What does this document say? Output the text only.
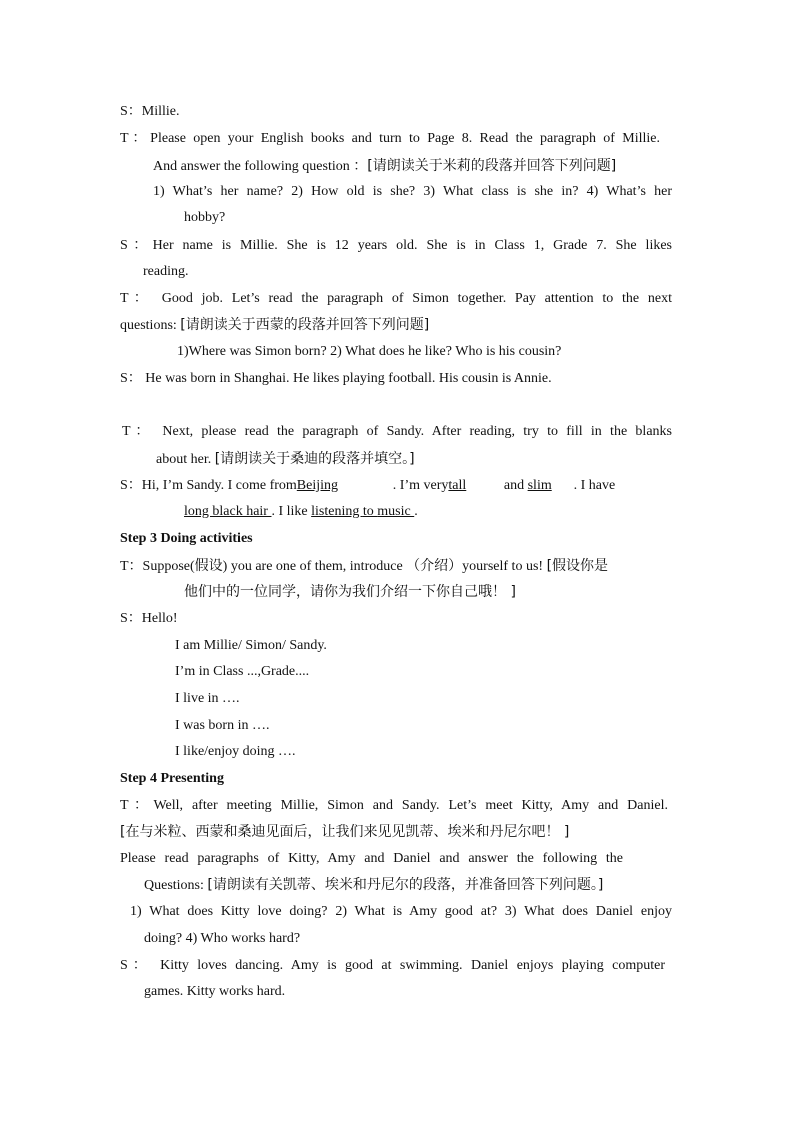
S：Millie.
T：Please open your English books and turn to Page 8. Read the paragraph of Millie.
And answer the following question ：[请朗读关于米莉的段落并回答下列问题]
1) What’s her name? 2) How old is she? 3) What class is she in? 4) What’s her
hobby?
S：Her name is Millie. She is 12 years old. She is in Class 1, Grade 7. She likes
reading.
T： Good job. Let’s read the paragraph of Simon together. Pay attention to the next
questions: [请朗读关于西蒙的段落并回答下列问题]
1)Where was Simon born? 2) What does he like? Who is his cousin?
S： He was born in Shanghai. He likes playing football. His cousin is Annie.
T： Next, please read the paragraph of Sandy. After reading, try to fill in the blanks
about her. [请朗读关于桑迪的段落并填空。]
S：Hi, I’m Sandy. I come fromBeijing	. I’m verytall and slim. I have
long black hair . I like listening to music .
Step 3 Doing activities
T：Suppose(假设) you are one of them, introduce （介绍）yourself to us! [假设你是
他们中的一位同学，请你为我们介绍一下你自己哦！ ]
S：Hello!
I am Millie/ Simon/ Sandy.
I’m in Class ...,Grade....
I live in ….
I was born in ….
I like/enjoy doing ….
Step 4 Presenting
T：Well, after meeting Millie, Simon and Sandy. Let’s meet Kitty, Amy and Daniel.
[在与米粒、西蒙和桑迪见面后，让我们来见见凯蒂、埃米和丹尼尔吧！ ]
Please read paragraphs of Kitty, Amy and Daniel and answer the following the
Questions: [请朗读有关凯蒂、埃米和丹尼尔的段落，并准备回答下列问题。]
1) What does Kitty love doing? 2) What is Amy good at? 3) What does Daniel enjoy
doing? 4) Who works hard?
S： Kitty loves dancing. Amy is good at swimming. Daniel enjoys playing computer
games. Kitty works hard.
